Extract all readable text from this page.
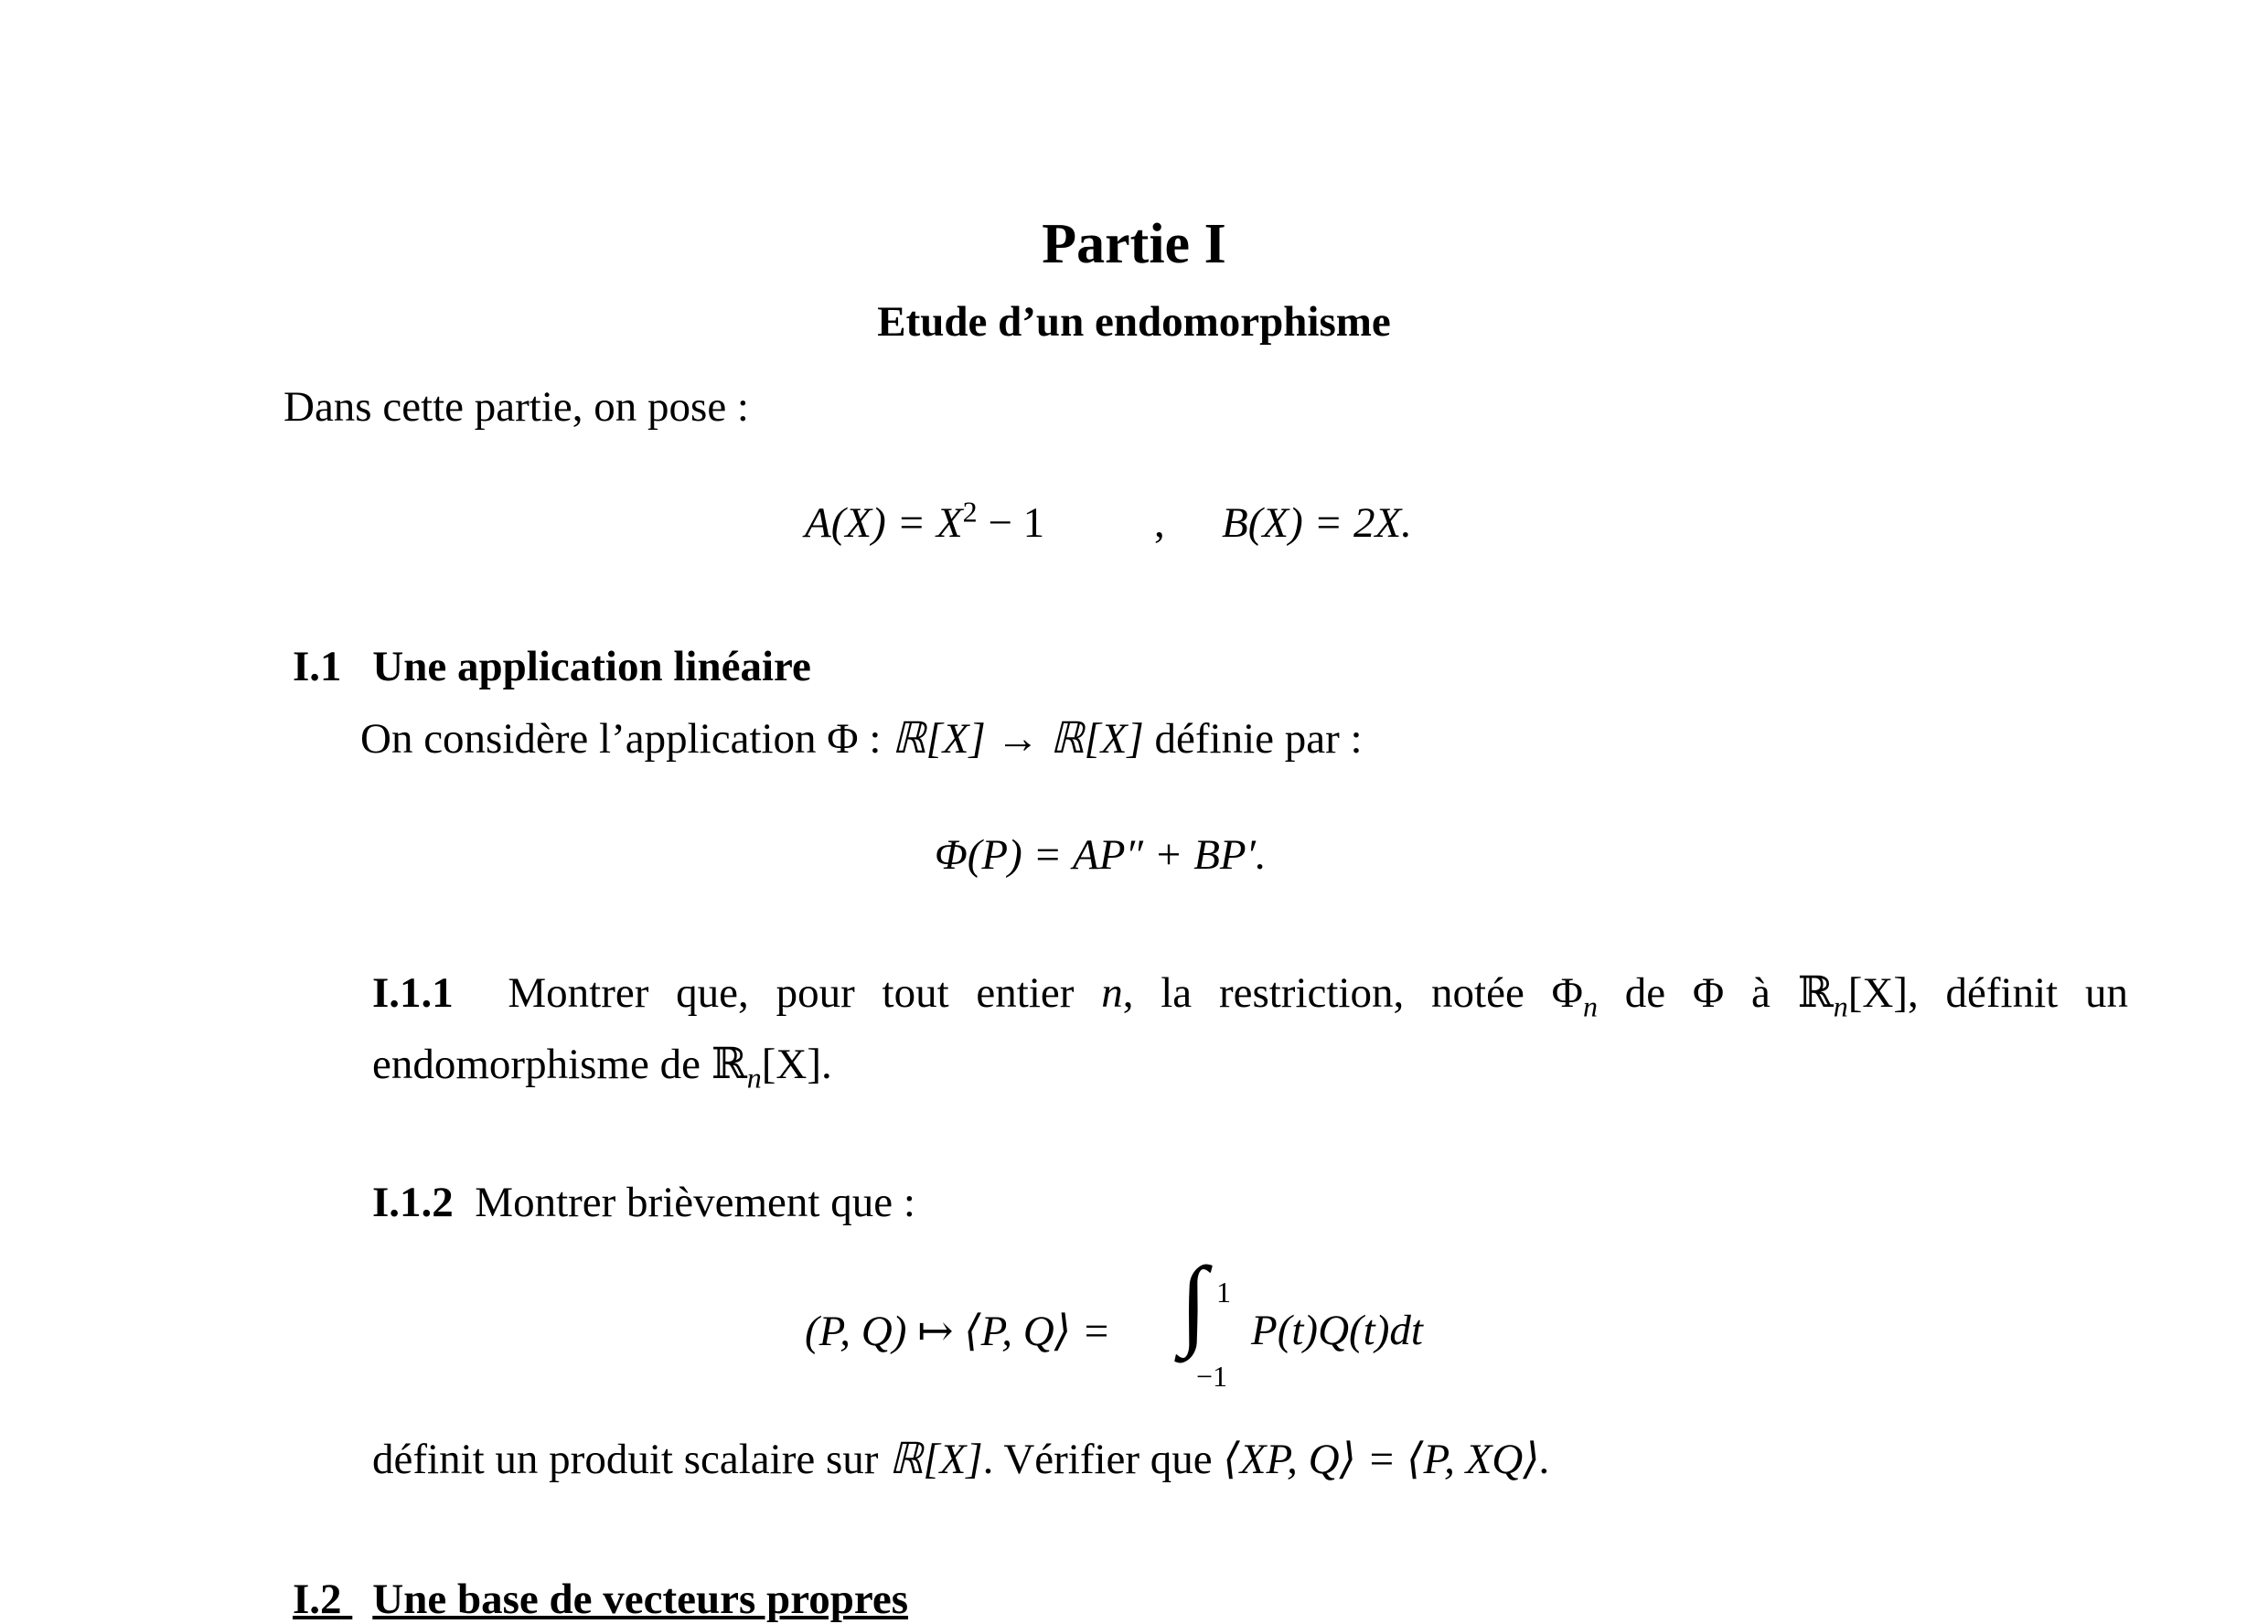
Partie I
Etude d’un endomorphisme
Dans cette partie, on pose :
$A(X) = X^2 - 1$	, B(X) = 2X.
I.1 Une application linéaire
On considère l’application Φ : ℝ[X] → ℝ[X] définie par :
Φ(P) = AP″ + BP′.
I.1.1 Montrer que, pour tout entier n, la restriction, notée $\Phi_n$ de Φ à ℝ$_n$[X], définit un
endomorphisme de ℝ$_n$[X].
I.1.2 Montrer brièvement que :
(P, Q) ↦ ⟨P, Q⟩ = ∫ 1
−1
P(t)Q(t)dt
définit un produit scalaire sur ℝ[X]. Vérifier que ⟨XP, Q⟩ = ⟨P, XQ⟩.
I.2 Une base de vecteurs propres
